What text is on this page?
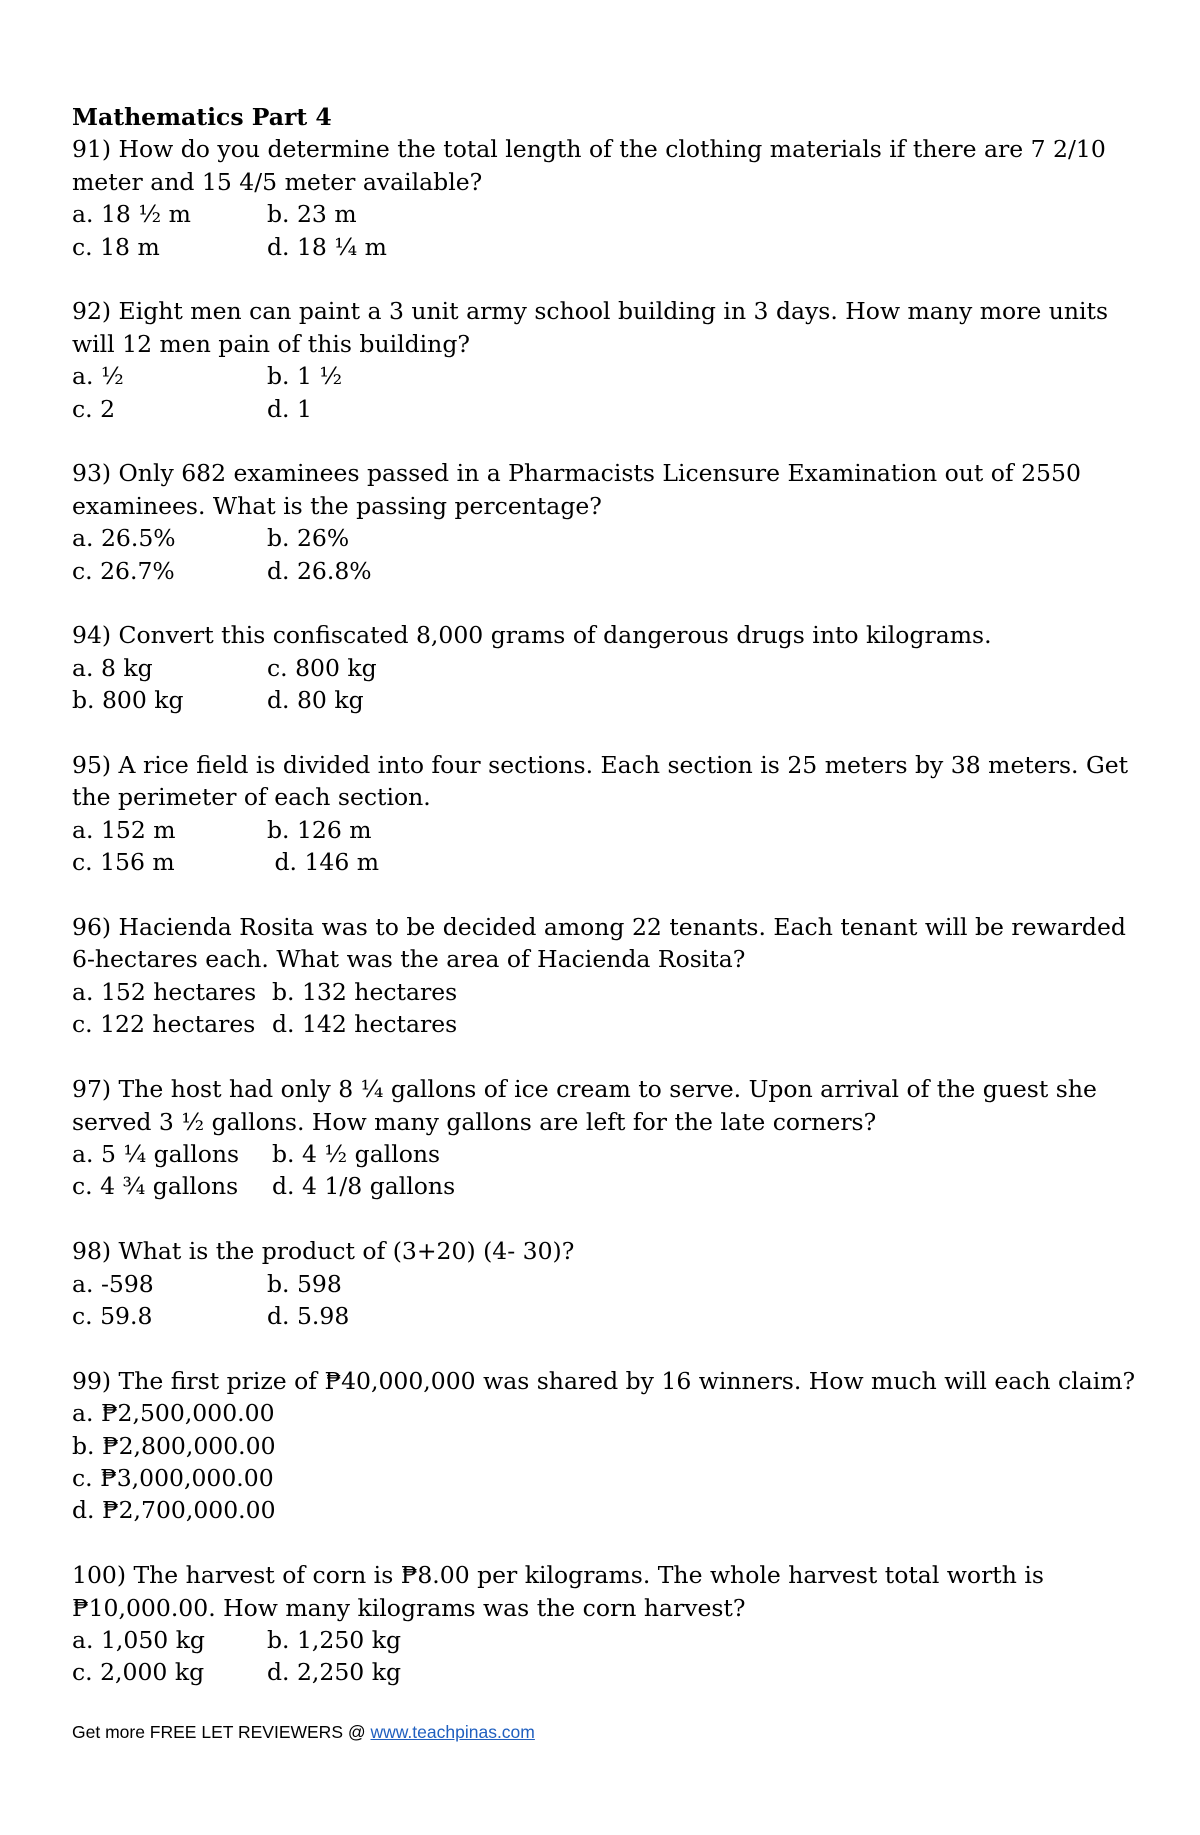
Mathematics Part 4

91) How do you determine the total length of the clothing materials if there are 7 2/10 meter and 15 4/5 meter available?

a. 18 ½ m	b. 23 m
c. 18 m	d. 18 ¼ m

92) Eight men can paint a 3 unit army school building in 3 days. How many more units will 12 men pain of this building?

a. ½	b. 1 ½
c. 2	d. 1

93) Only 682 examinees passed in a Pharmacists Licensure Examination out of 2550 examinees. What is the passing percentage?

a. 26.5%	b. 26%
c. 26.7%	d. 26.8%

94) Convert this confiscated 8,000 grams of dangerous drugs into kilograms.

a. 8 kg	c. 800 kg
b. 800 kg	d. 80 kg

95) A rice field is divided into four sections. Each section is 25 meters by 38 meters. Get the perimeter of each section.

a. 152 m	b. 126 m
c. 156 m	d. 146 m

96) Hacienda Rosita was to be decided among 22 tenants. Each tenant will be rewarded 6-hectares each. What was the area of Hacienda Rosita?

a. 152 hectares b. 132 hectares
c. 122 hectares d. 142 hectares

97) The host had only 8 ¼ gallons of ice cream to serve. Upon arrival of the guest she served 3 ½ gallons. How many gallons are left for the late corners?

a. 5 ¼ gallons	b. 4 ½ gallons
c. 4 ¾ gallons	d. 4 1/8 gallons

98) What is the product of (3+20) (4- 30)?

a. -598	b. 598
c. 59.8	d. 5.98

99) The first prize of ₱40,000,000 was shared by 16 winners. How much will each claim?

a. ₱2,500,000.00
b. ₱2,800,000.00
c. ₱3,000,000.00
d. ₱2,700,000.00

100) The harvest of corn is ₱8.00 per kilograms. The whole harvest total worth is ₱10,000.00. How many kilograms was the corn harvest?

a. 1,050 kg	b. 1,250 kg
c. 2,000 kg	d. 2,250 kg
Get more FREE LET REVIEWERS @ www.teachpinas.com
